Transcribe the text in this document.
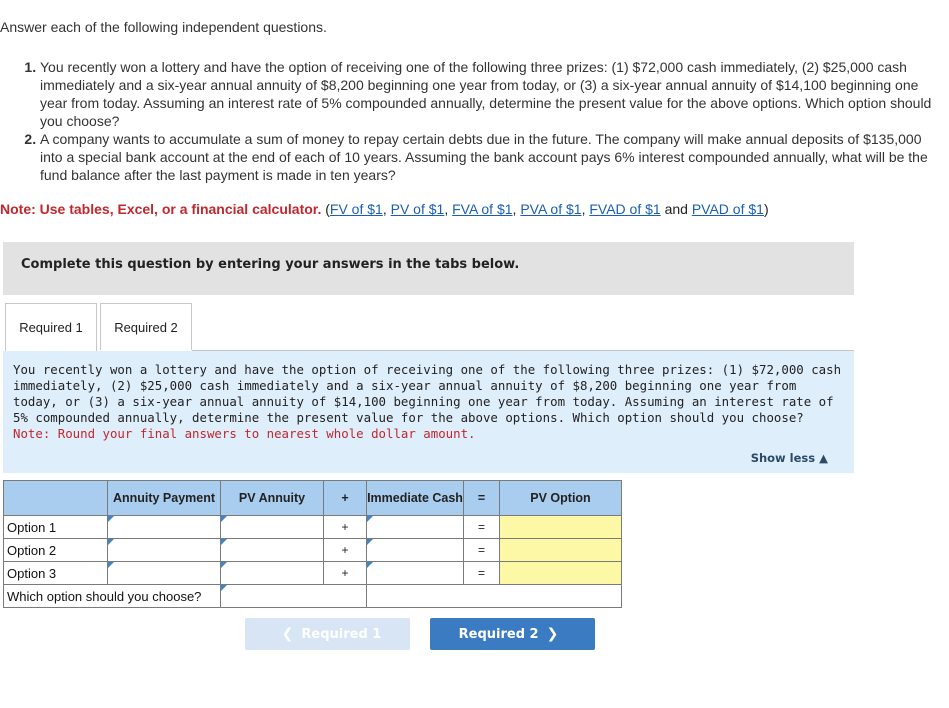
Answer each of the following independent questions.
1. You recently won a lottery and have the option of receiving one of the following three prizes: (1) $72,000 cash immediately, (2) $25,000 cash immediately and a six-year annual annuity of $8,200 beginning one year from today, or (3) a six-year annual annuity of $14,100 beginning one year from today. Assuming an interest rate of 5% compounded annually, determine the present value for the above options. Which option should you choose?
2. A company wants to accumulate a sum of money to repay certain debts due in the future. The company will make annual deposits of $135,000 into a special bank account at the end of each of 10 years. Assuming the bank account pays 6% interest compounded annually, what will be the fund balance after the last payment is made in ten years?
Note: Use tables, Excel, or a financial calculator. (FV of $1, PV of $1, FVA of $1, PVA of $1, FVAD of $1 and PVAD of $1)
Complete this question by entering your answers in the tabs below.
Required 1 Required 2
You recently won a lottery and have the option of receiving one of the following three prizes: (1) $72,000 cash immediately, (2) $25,000 cash immediately and a six-year annual annuity of $8,200 beginning one year from today, or (3) a six-year annual annuity of $14,100 beginning one year from today. Assuming an interest rate of 5% compounded annually, determine the present value for the above options. Which option should you choose?
Note: Round your final answers to nearest whole dollar amount.
Show less ▲
	Annuity Payment	PV Annuity	+	Immediate Cash	=	PV Option
Option 1			+		=	
Option 2			+		=	
Option 3			+		=	
Which option should you choose?		
❮ Required 1	Required 2 ❯
